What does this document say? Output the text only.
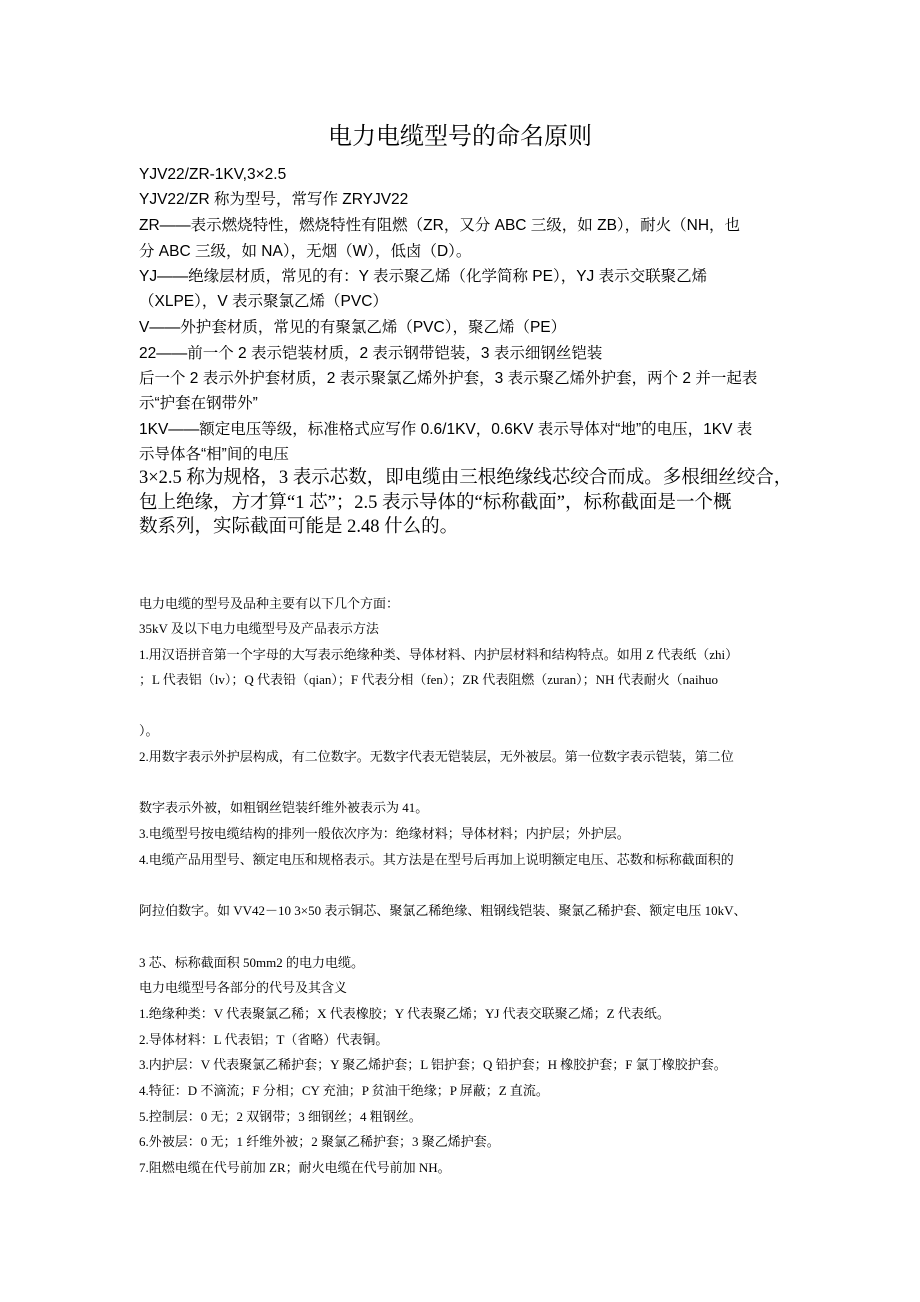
电力电缆型号的命名原则
YJV22/ZR-1KV,3×2.5
YJV22/ZR 称为型号，常写作 ZRYJV22
ZR——表示燃烧特性，燃烧特性有阻燃（ZR，又分 ABC 三级，如 ZB），耐火（NH，也
分 ABC 三级，如 NA），无烟（W），低卤（D）。
YJ——绝缘层材质，常见的有：Y 表示聚乙烯（化学简称 PE），YJ 表示交联聚乙烯
（XLPE），V 表示聚氯乙烯（PVC）
V——外护套材质，常见的有聚氯乙烯（PVC），聚乙烯（PE）
22——前一个 2 表示铠装材质，2 表示钢带铠装，3 表示细钢丝铠装
后一个 2 表示外护套材质，2 表示聚氯乙烯外护套，3 表示聚乙烯外护套，两个 2 并一起表
示“护套在钢带外”
1KV——额定电压等级，标准格式应写作 0.6/1KV，0.6KV 表示导体对“地”的电压，1KV 表
示导体各“相”间的电压
3×2.5 称为规格，3 表示芯数，即电缆由三根绝缘线芯绞合而成。多根细丝绞合，
包上绝缘，方才算“1 芯”；2.5 表示导体的“标称截面”，标称截面是一个概
数系列，实际截面可能是 2.48 什么的。
电力电缆的型号及品种主要有以下几个方面：
35kV 及以下电力电缆型号及产品表示方法
1.用汉语拼音第一个字母的大写表示绝缘种类、导体材料、内护层材料和结构特点。如用 Z 代表纸（zhi）
；L 代表铝（lv）；Q 代表铅（qian）；F 代表分相（fen）；ZR 代表阻燃（zuran）；NH 代表耐火（naihuo
）。
2.用数字表示外护层构成，有二位数字。无数字代表无铠装层，无外被层。第一位数字表示铠装，第二位
数字表示外被，如粗钢丝铠装纤维外被表示为 41。
3.电缆型号按电缆结构的排列一般依次序为：绝缘材料；导体材料；内护层；外护层。
4.电缆产品用型号、额定电压和规格表示。其方法是在型号后再加上说明额定电压、芯数和标称截面积的
阿拉伯数字。如 VV42－10 3×50 表示铜芯、聚氯乙稀绝缘、粗钢线铠装、聚氯乙稀护套、额定电压 10kV、
3 芯、标称截面积 50mm2 的电力电缆。
电力电缆型号各部分的代号及其含义
1.绝缘种类：V 代表聚氯乙稀；X 代表橡胶；Y 代表聚乙烯；YJ 代表交联聚乙烯；Z 代表纸。
2.导体材料：L 代表铝；T（省略）代表铜。
3.内护层：V 代表聚氯乙稀护套；Y 聚乙烯护套；L 铝护套；Q 铅护套；H 橡胶护套；F 氯丁橡胶护套。
4.特征：D 不滴流；F 分相；CY 充油；P 贫油干绝缘；P 屏蔽；Z 直流。
5.控制层：0 无；2 双钢带；3 细钢丝；4 粗钢丝。
6.外被层：0 无；1 纤维外被；2 聚氯乙稀护套；3 聚乙烯护套。
7.阻燃电缆在代号前加 ZR；耐火电缆在代号前加 NH。
